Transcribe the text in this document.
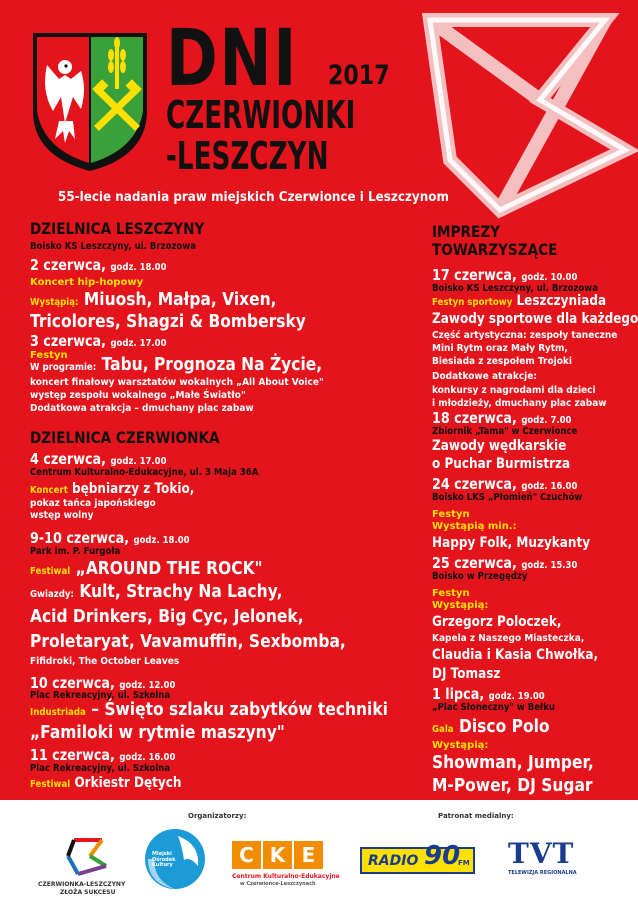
DNI 2017
CZERWIONKI
-LESZCZYN
55-lecie nadania praw miejskich Czerwionce i Leszczynom
DZIELNICA LESZCZYNY
Boisko KS Leszczyny, ul. Brzozowa
2 czerwca, godz. 18.00
Koncert hip-hopowy
Wystąpią: Miuosh, Małpa, Vixen,
Tricolores, Shagzi & Bombersky
3 czerwca, godz. 17.00
Festyn
W programie: Tabu, Prognoza Na Życie,
koncert finałowy warsztatów wokalnych „All About Voice"
występ zespołu wokalnego „Małe Światło"
Dodatkowa atrakcja – dmuchany plac zabaw
DZIELNICA CZERWIONKA
4 czerwca, godz. 17.00
Centrum Kulturalno-Edukacyjne, ul. 3 Maja 36A
Koncert bębniarzy z Tokio,
pokaz tańca japońskiego
wstęp wolny
9-10 czerwca, godz. 18.00
Park im. P. Furgoła
Festiwal „AROUND THE ROCK"
Gwiazdy: Kult, Strachy Na Lachy,
Acid Drinkers, Big Cyc, Jelonek,
Proletaryat, Vavamuffin, Sexbomba,
Fifidroki, The October Leaves
10 czerwca, godz. 12.00
Plac Rekreacyjny, ul. Szkolna
Industriada – Święto szlaku zabytków techniki
„Familoki w rytmie maszyny"
11 czerwca, godz. 16.00
Plac Rekreacyjny, ul. Szkolna
Festiwal Orkiestr Dętych
IMPREZY
TOWARZYSZĄCE
17 czerwca, godz. 10.00
Boisko KS Leszczyny, ul. Brzozowa
Festyn sportowy Leszczyniada
Zawody sportowe dla każdego
Część artystyczna: zespoły taneczne
Mini Rytm oraz Mały Rytm,
Biesiada z zespołem Trojoki
Dodatkowe atrakcje:
konkursy z nagrodami dla dzieci
i młodzieży, dmuchany plac zabaw
18 czerwca, godz. 7.00
Zbiornik „Tama" w Czerwionce
Zawody wędkarskie
o Puchar Burmistrza
24 czerwca, godz. 16.00
Boisko LKS „Płomień" Czuchów
Festyn
Wystąpią min.:
Happy Folk, Muzykanty
25 czerwca, godz. 15.30
Boisko w Przegędzy
Festyn
Wystąpią:
Grzegorz Poloczek,
Kapela z Naszego Miasteczka,
Claudia i Kasia Chwołka,
DJ Tomasz
1 lipca, godz. 19.00
„Plac Słoneczny" w Bełku
Gala Disco Polo
Wystąpią:
Showman, Jumper,
M-Power, DJ Sugar
Organizatorzy:	Patronat medialny:
CZERWIONKA-LESZCZYNY
ZŁOŻA SUKCESU
Miejski Ośrodek Kultury	C K E
Centrum Kulturalno-Edukacyjne
w Czerwionce-Leszczynach
RADIO 90
FM TVT
TELEWIZJA REGIONALNA
